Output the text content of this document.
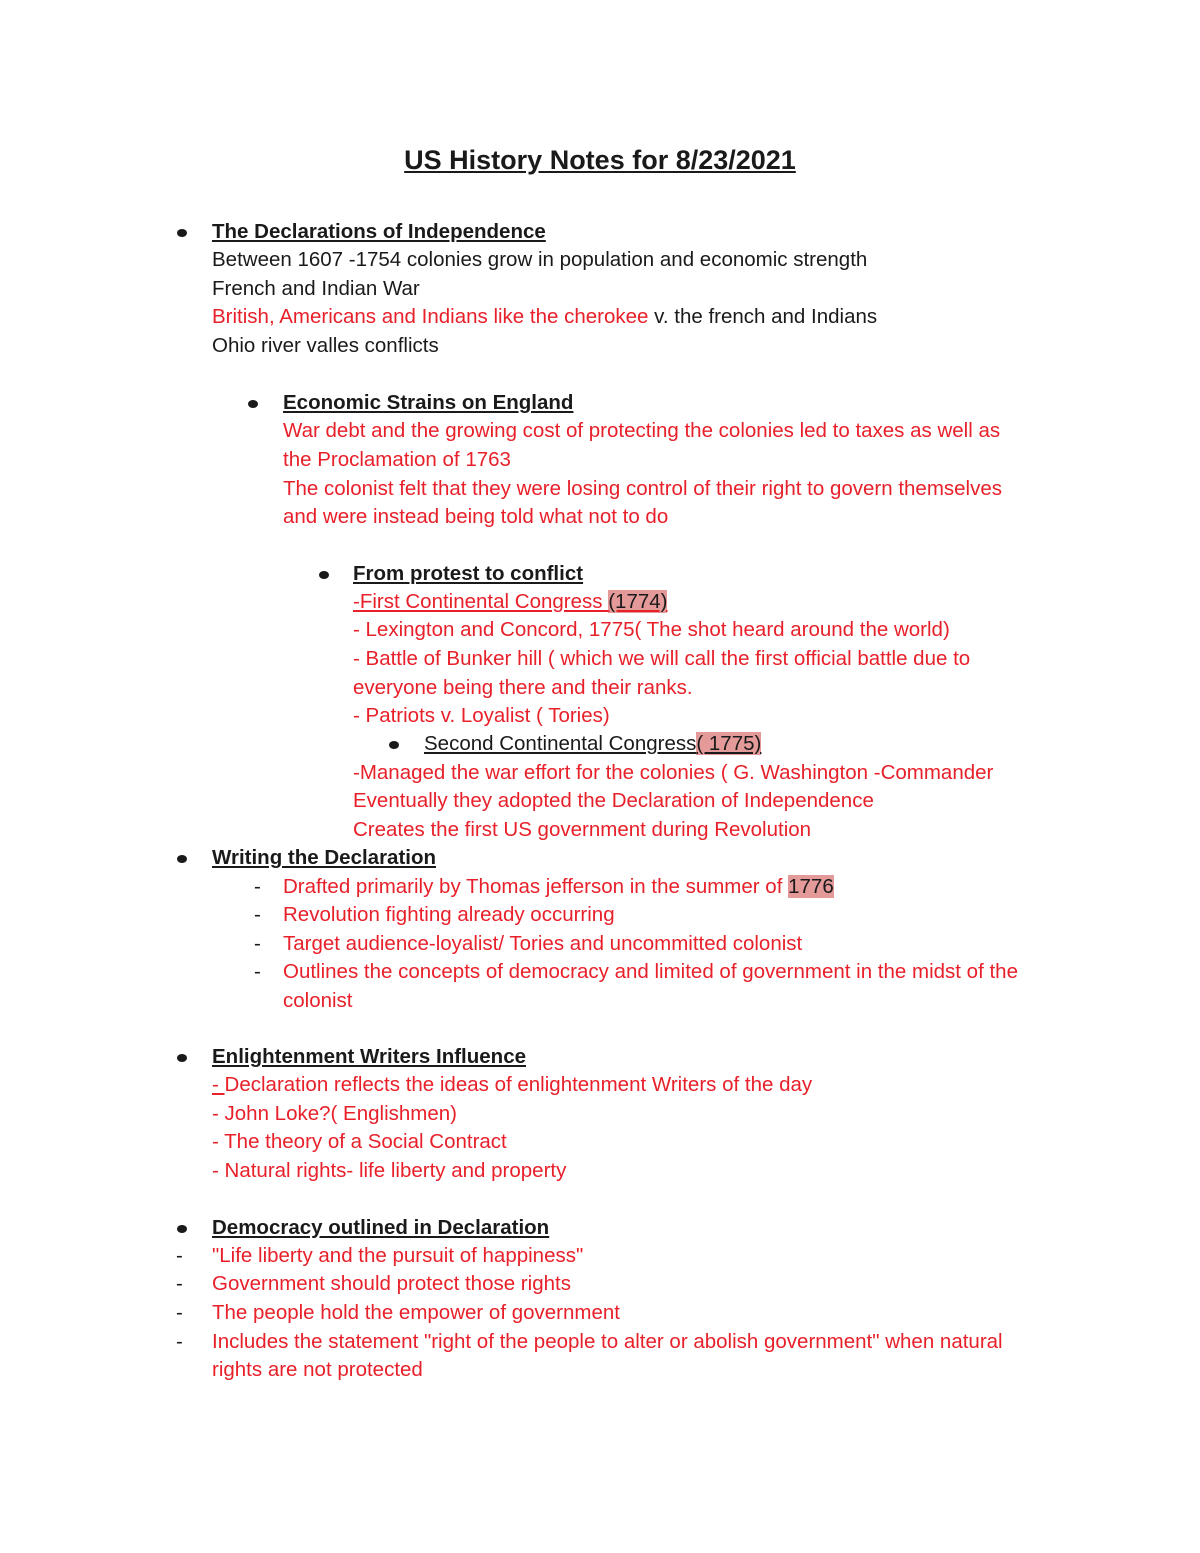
US History Notes for 8/23/2021
The Declarations of Independence
Between 1607 -1754 colonies grow in population and economic strength
French and Indian War
British, Americans and Indians like the cherokee v. the french and Indians
Ohio river valles conflicts
Economic Strains on England
War debt and the growing cost of protecting the colonies led to taxes as well as
the Proclamation of 1763
The colonist felt that they were losing control of their right to govern themselves
and were instead being told what not to do
From protest to conflict
-First Continental Congress (1774)
- Lexington and Concord, 1775( The shot heard around the world)
- Battle of Bunker hill ( which we will call the first official battle due to
everyone being there and their ranks.
- Patriots v. Loyalist ( Tories)
Second Continental Congress( 1775)
-Managed the war effort for the colonies ( G. Washington -Commander
Eventually they adopted the Declaration of Independence
Creates the first US government during Revolution
Writing the Declaration
- Drafted primarily by Thomas jefferson in the summer of 1776
- Revolution fighting already occurring
- Target audience-loyalist/ Tories and uncommitted colonist
- Outlines the concepts of democracy and limited of government in the midst of the
colonist
Enlightenment Writers Influence
- Declaration reflects the ideas of enlightenment Writers of the day
- John Loke?( Englishmen)
- The theory of a Social Contract
- Natural rights- life liberty and property
Democracy outlined in Declaration
- "Life liberty and the pursuit of happiness"
- Government should protect those rights
- The people hold the empower of government
- Includes the statement "right of the people to alter or abolish government" when natural
rights are not protected
